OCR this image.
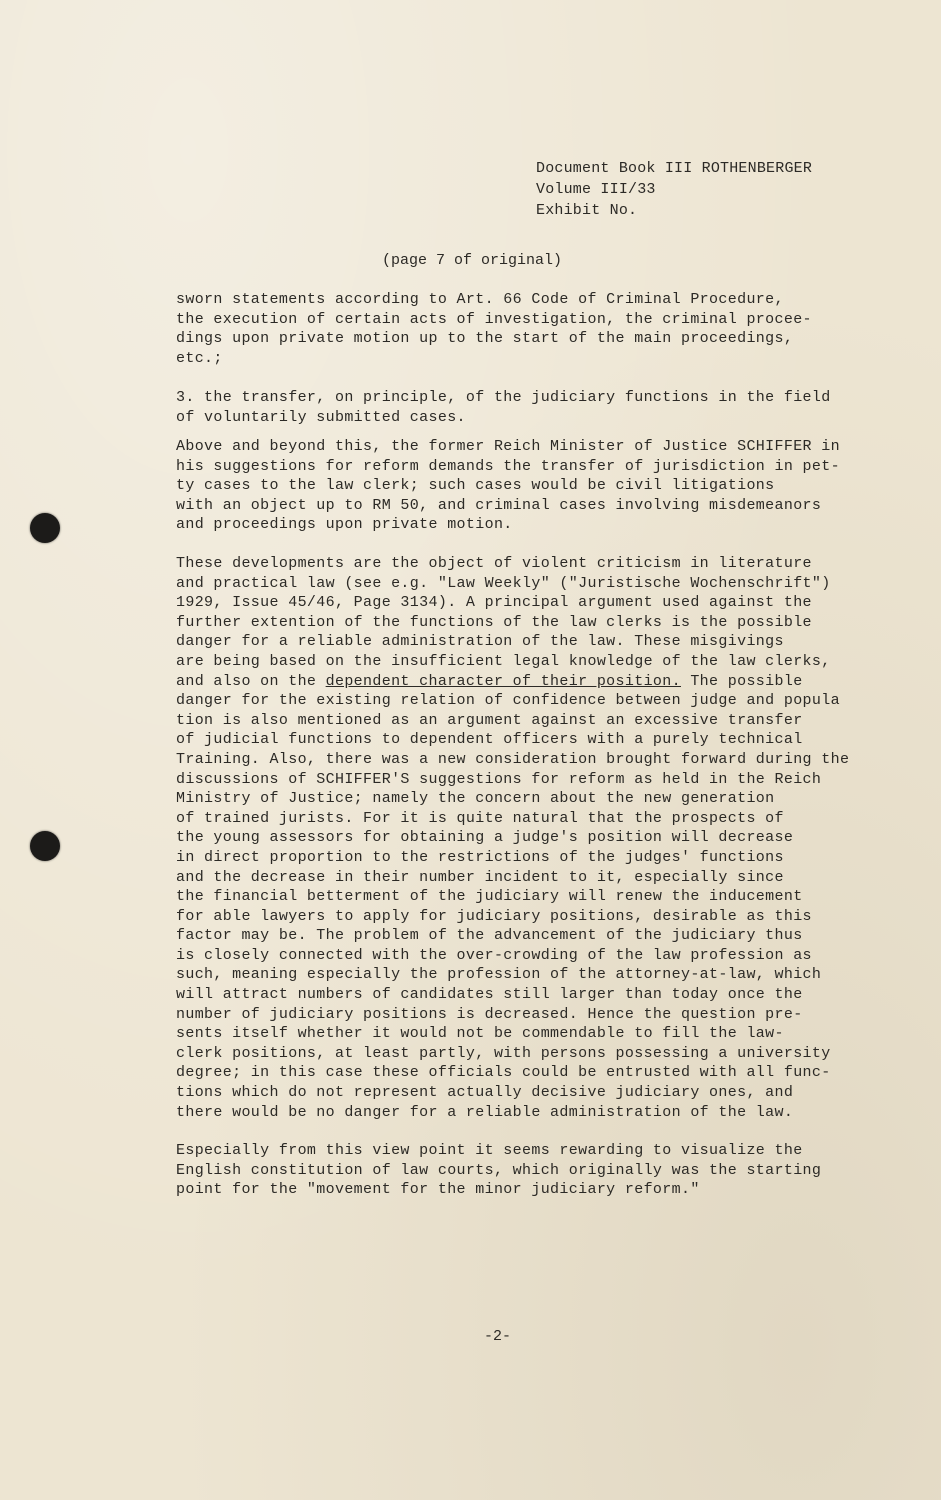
Document Book III ROTHENBERGER
Volume III/33
Exhibit No.
(page 7 of original)
sworn statements according to Art. 66 Code of Criminal Procedure,
the execution of certain acts of investigation, the criminal procee-
dings upon private motion up to the start of the main proceedings,
etc.;
3. the transfer, on principle, of the judiciary functions in the field
of voluntarily submitted cases.
Above and beyond this, the former Reich Minister of Justice SCHIFFER in
his suggestions for reform demands the transfer of jurisdiction in pet-
ty cases to the law clerk; such cases would be civil litigations
with an object up to RM 50, and criminal cases involving misdemeanors
and proceedings upon private motion.
These developments are the object of violent criticism in literature
and practical law (see e.g. "Law Weekly" ("Juristische Wochenschrift")
1929, Issue 45/46, Page 3134). A principal argument used against the
further extention of the functions of the law clerks is the possible
danger for a reliable administration of the law. These misgivings
are being based on the insufficient legal knowledge of the law clerks,
and also on the dependent character of their position. The possible
danger for the existing relation of confidence between judge and popula
tion is also mentioned as an argument against an excessive transfer
of judicial functions to dependent officers with a purely technical
Training. Also, there was a new consideration brought forward during the
discussions of SCHIFFER'S suggestions for reform as held in the Reich
Ministry of Justice; namely the concern about the new generation
of trained jurists. For it is quite natural that the prospects of
the young assessors for obtaining a judge's position will decrease
in direct proportion to the restrictions of the judges' functions
and the decrease in their number incident to it, especially since
the financial betterment of the judiciary will renew the inducement
for able lawyers to apply for judiciary positions, desirable as this
factor may be. The problem of the advancement of the judiciary thus
is closely connected with the over-crowding of the law profession as
such, meaning especially the profession of the attorney-at-law, which
will attract numbers of candidates still larger than today once the
number of judiciary positions is decreased. Hence the question pre-
sents itself whether it would not be commendable to fill the law-
clerk positions, at least partly, with persons possessing a university
degree; in this case these officials could be entrusted with all func-
tions which do not represent actually decisive judiciary ones, and
there would be no danger for a reliable administration of the law.
Especially from this view point it seems rewarding to visualize the
English constitution of law courts, which originally was the starting
point for the "movement for the minor judiciary reform."
-2-
